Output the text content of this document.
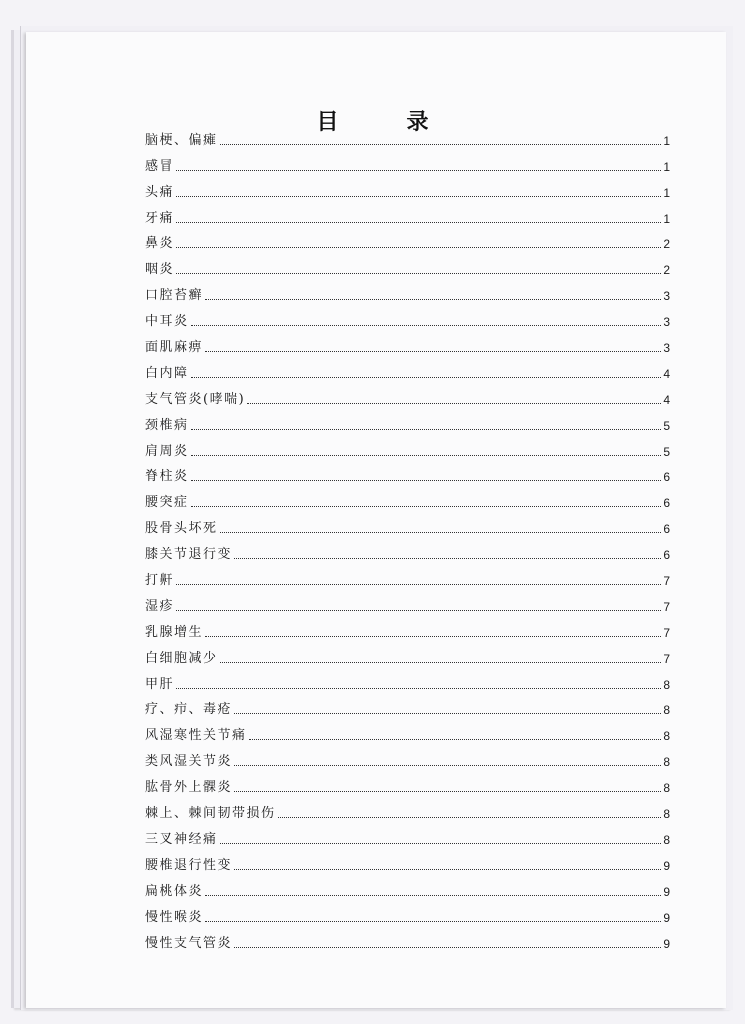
目	录
脑梗、偏瘫	1
感冒	1
头痛	1
牙痛	1
鼻炎	2
咽炎	2
口腔苔癣	3
中耳炎	3
面肌麻痹	3
白内障	4
支气管炎(哮喘)	4
颈椎病	5
肩周炎	5
脊柱炎	6
腰突症	6
股骨头坏死	6
膝关节退行变	6
打鼾	7
湿疹	7
乳腺增生	7
白细胞减少	7
甲肝	8
疗、疖、毒疮	8
风湿寒性关节痛	8
类风湿关节炎	8
肱骨外上髁炎	8
棘上、棘间韧带损伤	8
三叉神经痛	8
腰椎退行性变	9
扁桃体炎	9
慢性喉炎	9
慢性支气管炎	9
